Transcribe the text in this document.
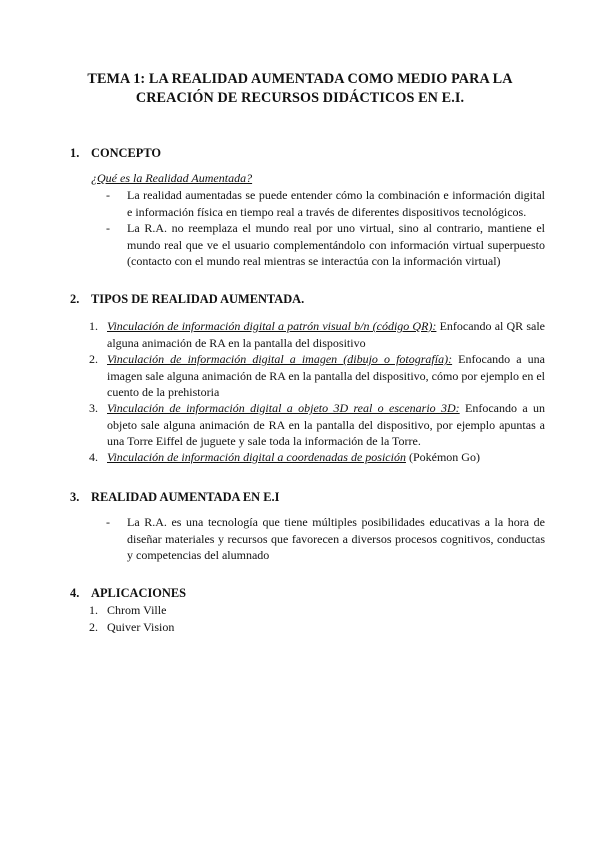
TEMA 1: LA REALIDAD AUMENTADA COMO MEDIO PARA LA
CREACIÓN DE RECURSOS DIDÁCTICOS EN E.I.
1. CONCEPTO
¿Qué es la Realidad Aumentada?
- La realidad aumentadas se puede entender cómo la combinación e información digital e información física en tiempo real a través de diferentes dispositivos tecnológicos.
- La R.A. no reemplaza el mundo real por uno virtual, sino al contrario, mantiene el mundo real que ve el usuario complementándolo con información virtual superpuesto (contacto con el mundo real mientras se interactúa con la información virtual)
2. TIPOS DE REALIDAD AUMENTADA.
1. Vinculación de información digital a patrón visual b/n (código QR): Enfocando al QR sale alguna animación de RA en la pantalla del dispositivo
2. Vinculación de información digital a imagen (dibujo o fotografía): Enfocando a una imagen sale alguna animación de RA en la pantalla del dispositivo, cómo por ejemplo en el cuento de la prehistoria
3. Vinculación de información digital a objeto 3D real o escenario 3D: Enfocando a un objeto sale alguna animación de RA en la pantalla del dispositivo, por ejemplo apuntas a una Torre Eiffel de juguete y sale toda la información de la Torre.
4. Vinculación de información digital a coordenadas de posición (Pokémon Go)
3. REALIDAD AUMENTADA EN E.I
- La R.A. es una tecnología que tiene múltiples posibilidades educativas a la hora de diseñar materiales y recursos que favorecen a diversos procesos cognitivos, conductas y competencias del alumnado
4. APLICACIONES
1. Chrom Ville
2. Quiver Vision
